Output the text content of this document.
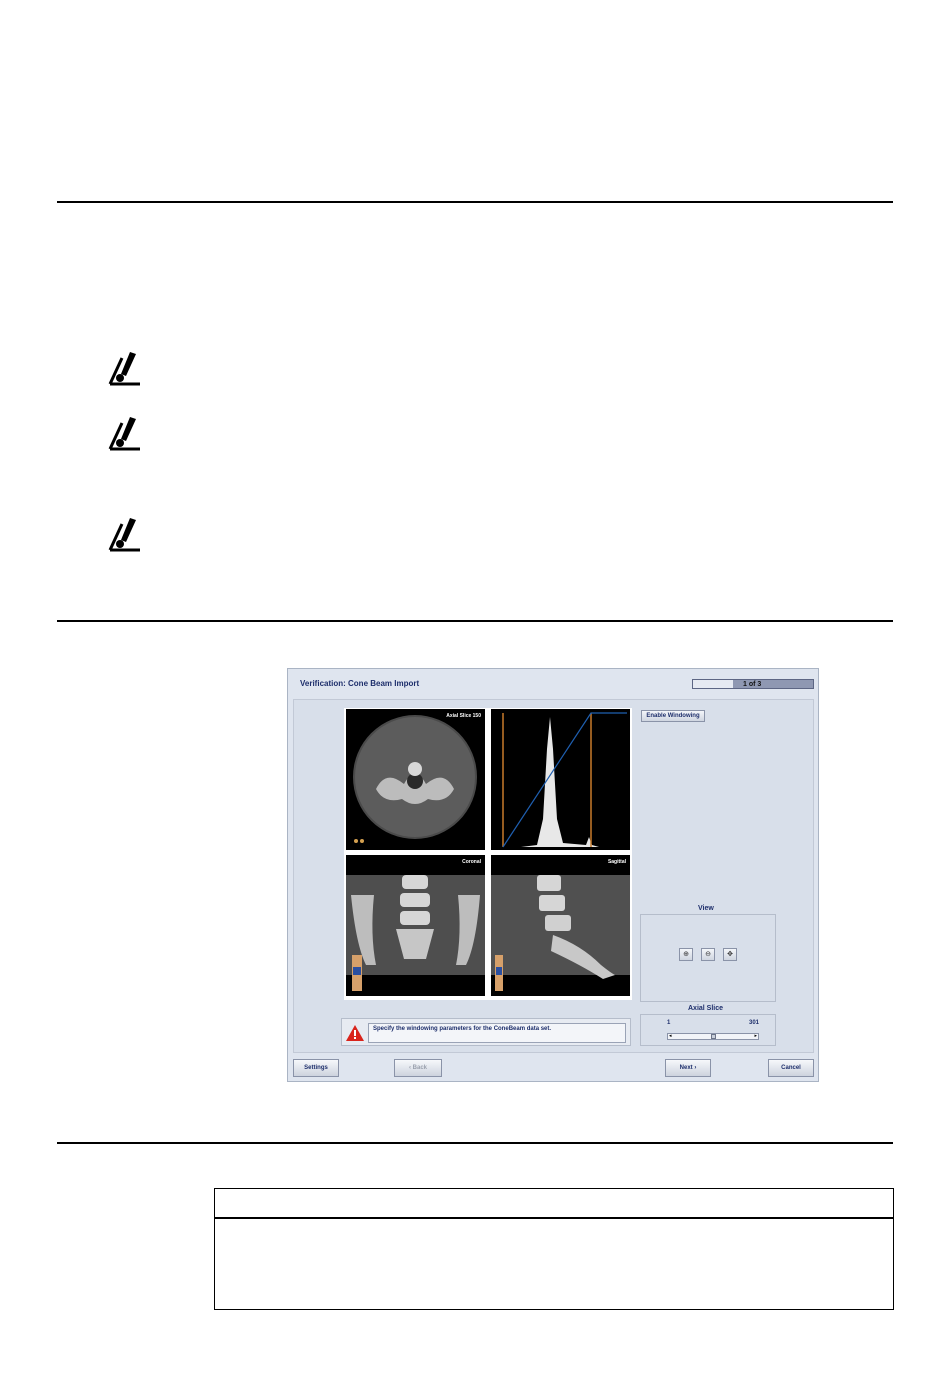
Verification: Cone Beam Import	1 of 3
Axial Slice 150
Coronal	Sagittal
Enable Windowing
View
⊕	⊖	✥
Axial Slice
1	301
◂	▸
Specify the windowing parameters for the ConeBeam data set.
Settings	‹ Back	Next ›	Cancel
